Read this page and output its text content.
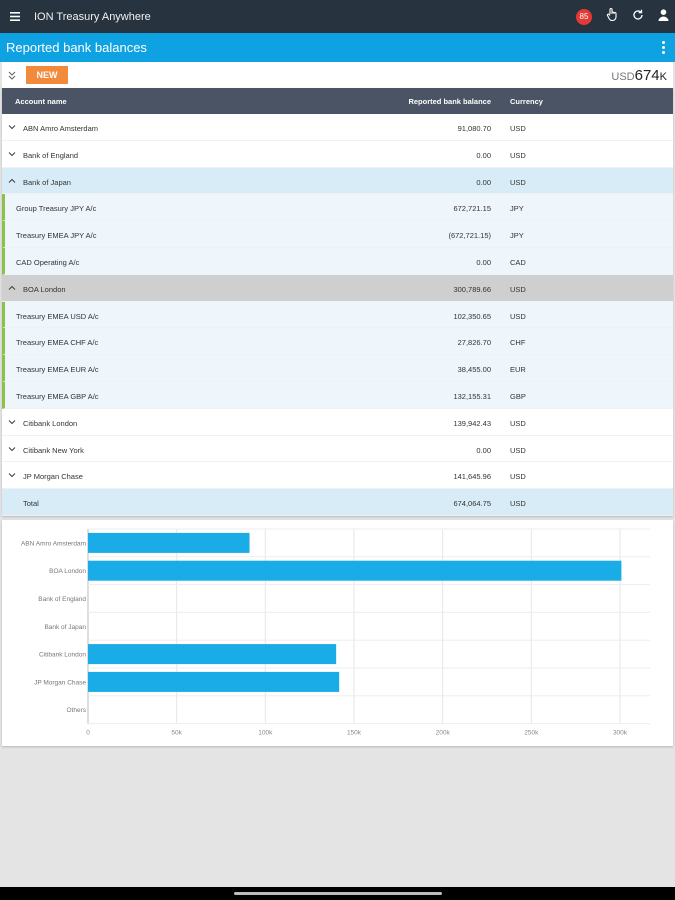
ION Treasury Anywhere	85
Reported bank balances
NEW	USD 674 K
Account name	Reported bank balance	Currency
ABN Amro Amsterdam	91,080.70	USD
Bank of England	0.00	USD
Bank of Japan	0.00	USD
Group Treasury JPY A/c	672,721.15	JPY
Treasury EMEA JPY A/c	(672,721.15)	JPY
CAD Operating A/c	0.00	CAD
BOA London	300,789.66	USD
Treasury EMEA USD A/c	102,350.65	USD
Treasury EMEA CHF A/c	27,826.70	CHF
Treasury EMEA EUR A/c	38,455.00	EUR
Treasury EMEA GBP A/c	132,155.31	GBP
Citibank London	139,942.43	USD
Citibank New York	0.00	USD
JP Morgan Chase	141,645.96	USD
Total	674,064.75	USD
0	50k	100k	150k	200k	250k	300k
ABN Amro Amsterdam
BOA London
Bank of England
Bank of Japan
Citibank London
JP Morgan Chase
Others
